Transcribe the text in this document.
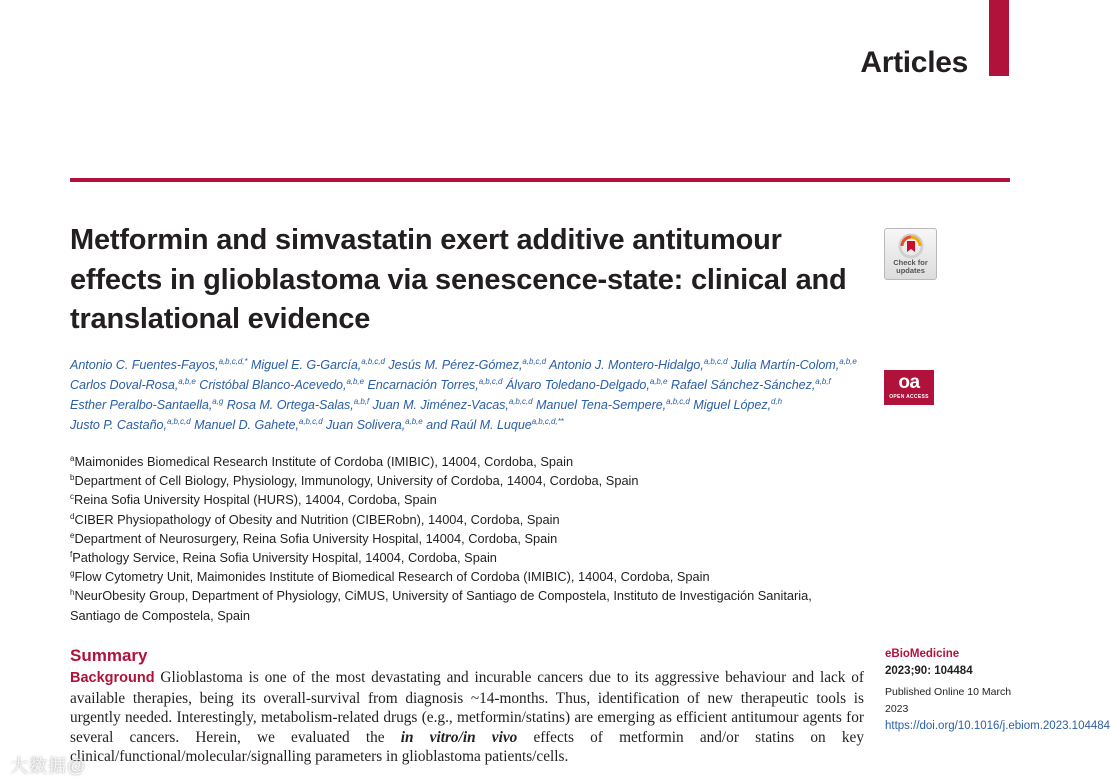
Articles
Metformin and simvastatin exert additive antitumour effects in glioblastoma via senescence-state: clinical and translational evidence
Check for updates
oa
OPEN ACCESS
Antonio C. Fuentes-Fayos,$^{a,b,c,d,*}$ Miguel E. G-García,$^{a,b,c,d}$ Jesús M. Pérez-Gómez,$^{a,b,c,d}$ Antonio J. Montero-Hidalgo,$^{a,b,c,d}$ Julia Martín-Colom,$^{a,b,e}$
Carlos Doval-Rosa,$^{a,b,e}$ Cristóbal Blanco-Acevedo,$^{a,b,e}$ Encarnación Torres,$^{a,b,c,d}$ Álvaro Toledano-Delgado,$^{a,b,e}$ Rafael Sánchez-Sánchez,$^{a,b,f}$
Esther Peralbo-Santaella,$^{a,g}$ Rosa M. Ortega-Salas,$^{a,b,f}$ Juan M. Jiménez-Vacas,$^{a,b,c,d}$ Manuel Tena-Sempere,$^{a,b,c,d}$ Miguel López,$^{d,h}$
Justo P. Castaño,$^{a,b,c,d}$ Manuel D. Gahete,$^{a,b,c,d}$ Juan Solivera,$^{a,b,e}$ and Raúl M. Luque$^{a,b,c,d,**}$
$^a$Maimonides Biomedical Research Institute of Cordoba (IMIBIC), 14004, Cordoba, Spain
$^b$Department of Cell Biology, Physiology, Immunology, University of Cordoba, 14004, Cordoba, Spain
$^c$Reina Sofia University Hospital (HURS), 14004, Cordoba, Spain
$^d$CIBER Physiopathology of Obesity and Nutrition (CIBERobn), 14004, Cordoba, Spain
$^e$Department of Neurosurgery, Reina Sofia University Hospital, 14004, Cordoba, Spain
$^f$Pathology Service, Reina Sofia University Hospital, 14004, Cordoba, Spain
$^g$Flow Cytometry Unit, Maimonides Institute of Biomedical Research of Cordoba (IMIBIC), 14004, Cordoba, Spain
$^h$NeurObesity Group, Department of Physiology, CiMUS, University of Santiago de Compostela, Instituto de Investigación Sanitaria,
Santiago de Compostela, Spain
Summary

Background Glioblastoma is one of the most devastating and incurable cancers due to its aggressive behaviour and lack of available therapies, being its overall-survival from diagnosis ~14-months. Thus, identification of new therapeutic tools is urgently needed. Interestingly, metabolism-related drugs (e.g., metformin/statins) are emerging as efficient antitumour agents for several cancers. Herein, we evaluated the in vitro/in vivo effects of metformin and/or statins on key clinical/functional/molecular/signalling parameters in glioblastoma patients/cells.

eBioMedicine
2023;90: 104484
Published Online 10 March 2023
https://doi.org/10.1016/j.ebiom.2023.104484
大数据@
